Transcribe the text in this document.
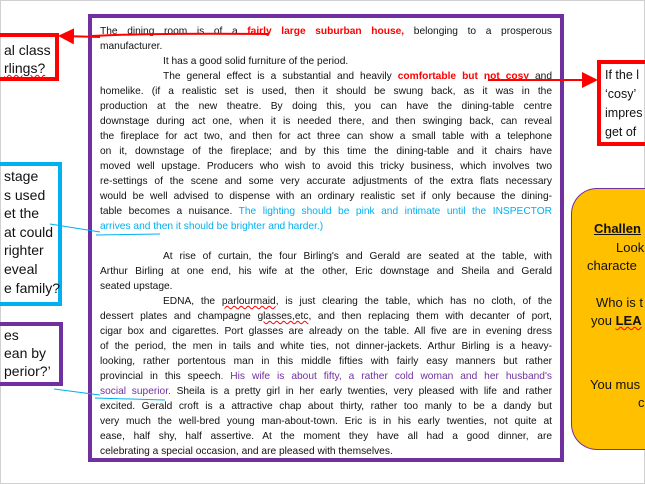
The dining room is of a fairly large suburban house, belonging to a prosperous
manufacturer.
It has a good solid furniture of the period.
The general effect is a substantial and heavily comfortable but not cosy and
homelike. (if a realistic set is used, then it should be swung back, as it was in the
production at the new theatre. By doing this, you can have the dining-table centre
downstage during act one, when it is needed there, and then swinging back, can reveal
the fireplace for act two, and then for act three can show a small table with a telephone
on it, downstage of the fireplace; and by this time the dining-table and it chairs have
moved well upstage. Producers who wish to avoid this tricky business, which involves two
re-settings of the scene and some very accurate adjustments of the extra flats necessary
would be well advised to dispense with an ordinary realistic set if only because the dining-
table becomes a nuisance. The lighting should be pink and intimate until the INSPECTOR
arrives and then it should be brighter and harder.)

At rise of curtain, the four Birling's and Gerald are seated at the table, with
Arthur Birling at one end, his wife at the other, Eric downstage and Sheila and Gerald
seated upstage.
EDNA, the parlourmaid, is just clearing the table, which has no cloth, of the
dessert plates and champagne glasses,etc, and then replacing them with decanter of port,
cigar box and cigarettes. Port glasses are already on the table. All five are in evening dress
of the period, the men in tails and white ties, not dinner-jackets. Arthur Birling is a heavy-
looking, rather portentous man in this middle fifties with fairly easy manners but rather
provincial in this speech. His wife is about fifty, a rather cold woman and her husband's
social superior. Sheila is a pretty girl in her early twenties, very pleased with life and rather
excited. Gerald croft is a attractive chap about thirty, rather too manly to be a dandy but
very much the well-bred young man-about-town. Eric is in his early twenties, not quite at
ease, half shy, half assertive. At the moment they have all had a good dinner, are
celebrating a special occasion, and are pleased with themselves.
al class
rlings?
stage
s used
et the
at could
righter
eveal
e family?
es
ean by
perior?’
If the l
‘cosy’
impres
get of
Challen
Look
characte
Who is t
you LEA
You mus
c
